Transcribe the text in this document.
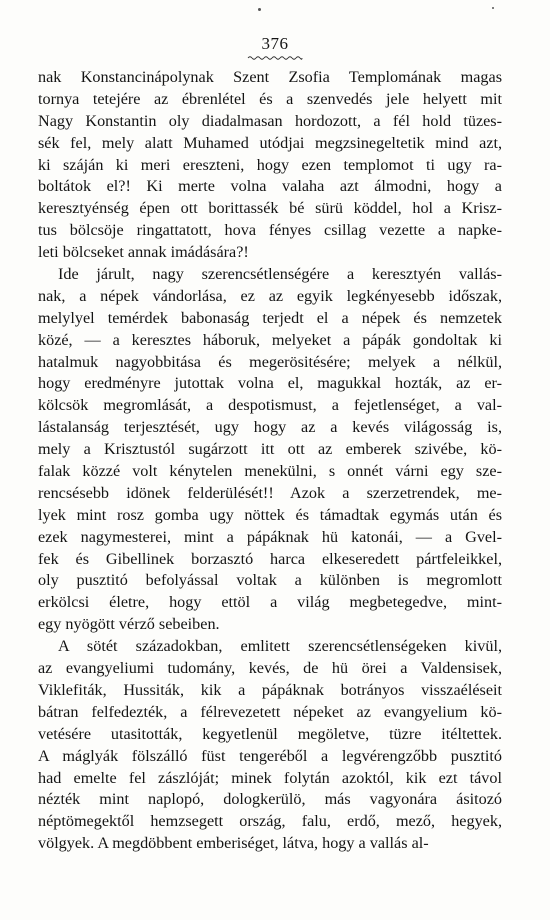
376
nak Konstancinápolynak Szent Zsofia Templomának magas
tornya tetejére az ébrenlétel és a szenvedés jele helyett mit
Nagy Konstantin oly diadalmasan hordozott, a fél hold tüzes-
sék fel, mely alatt Muhamed utódjai megzsinegeltetik mind azt,
ki száján ki meri ereszteni, hogy ezen templomot ti ugy ra-
boltátok el?! Ki merte volna valaha azt álmodni, hogy a
keresztyénség épen ott borittassék bé sürü köddel, hol a Krisz-
tus bölcsöje ringattatott, hova fényes csillag vezette a napke-
leti bölcseket annak imádására?!
Ide járult, nagy szerencsétlenségére a keresztyén vallás-
nak, a népek vándorlása, ez az egyik legkényesebb időszak,
melylyel temérdek babonaság terjedt el a népek és nemzetek
közé, — a keresztes háboruk, melyeket a pápák gondoltak ki
hatalmuk nagyobbitása és megerösitésére; melyek a nélkül,
hogy eredményre jutottak volna el, magukkal hozták, az er-
kölcsök megromlását, a despotismust, a fejetlenséget, a val-
lástalanság terjesztését, ugy hogy az a kevés világosság is,
mely a Krisztustól sugárzott itt ott az emberek szivébe, kö-
falak közzé volt kénytelen menekülni, s onnét várni egy sze-
rencsésebb idönek felderülését!! Azok a szerzetrendek, me-
lyek mint rosz gomba ugy nöttek és támadtak egymás után és
ezek nagymesterei, mint a pápáknak hü katonái, — a Gvel-
fek és Gibellinek borzasztó harca elkeseredett pártfeleikkel,
oly pusztitó befolyással voltak a különben is megromlott
erkölcsi életre, hogy ettöl a világ megbetegedve, mint-
egy nyögött vérző sebeiben.
A sötét századokban, emlitett szerencsétlenségeken kivül,
az evangyeliumi tudomány, kevés, de hü örei a Valdensisek,
Viklefiták, Hussiták, kik a pápáknak botrányos visszaéléseit
bátran felfedezték, a félrevezetett népeket az evangyelium kö-
vetésére utasitották, kegyetlenül megöletve, tüzre itéltettek.
A máglyák fölszálló füst tengeréből a legvérengzőbb pusztitó
had emelte fel zászlóját; minek folytán azoktól, kik ezt távol
nézték mint naplopó, dologkerülö, más vagyonára ásitozó
néptömegektől hemzsegett ország, falu, erdő, mező, hegyek,
völgyek. A megdöbbent emberiséget, látva, hogy a vallás al-
